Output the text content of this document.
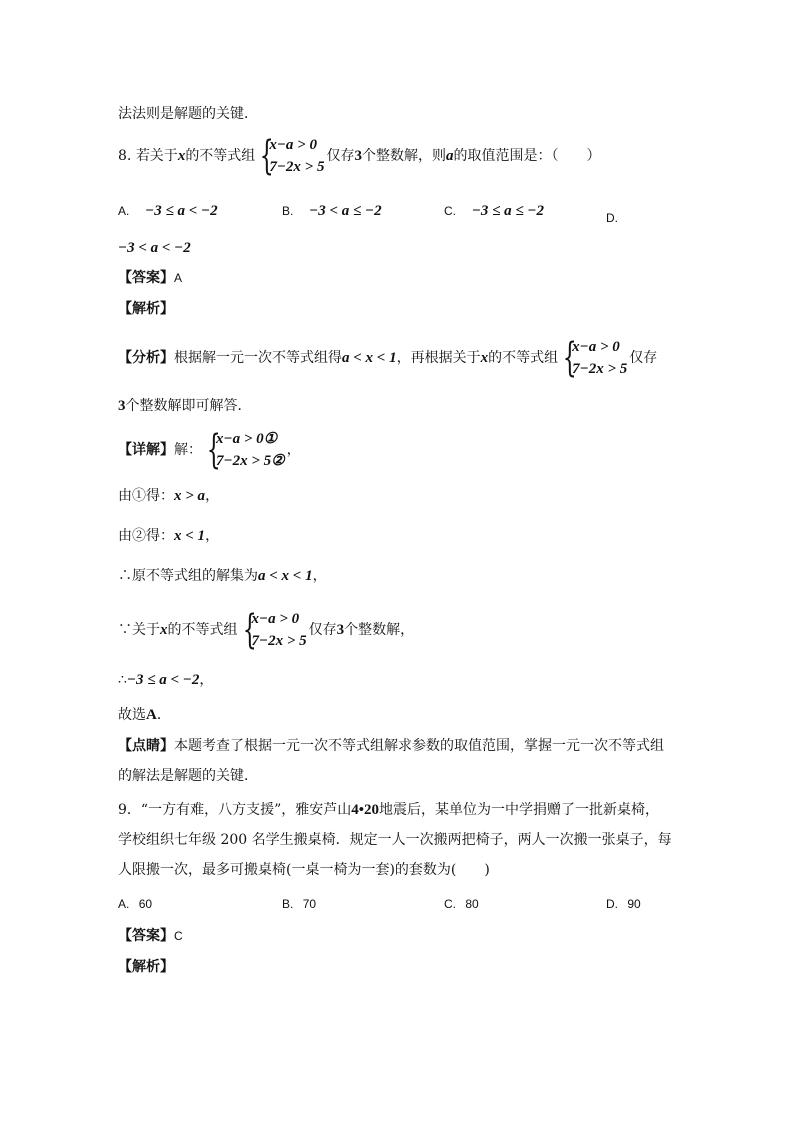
法法则是解题的关键．
8. 若关于x的不等式组 {
x−a > 0
7−2x > 5
仅存3个整数解，则a的取值范围是：（　　）
A. −3 ≤ a < −2	B. −3 < a ≤ −2	C. −3 ≤ a ≤ −2	D.
−3 < a < −2
【答案】A
【解析】
【分析】根据解一元一次不等式组得a < x < 1，再根据关于x的不等式组 {
x−a > 0
7−2x > 5
仅存
3个整数解即可解答．
【详解】解： {
x−a > 0①
7−2x > 5②
，
由①得：x > a，
由②得：x < 1，
∴原不等式组的解集为a < x < 1，
∵关于x的不等式组 {
x−a > 0
7−2x > 5
仅存3个整数解，
∴−3 ≤ a < −2，
故选A．
【点睛】本题考查了根据一元一次不等式组解求参数的取值范围，掌握一元一次不等式组
的解法是解题的关键．
9．“一方有难，八方支援”，雅安芦山4•20地震后，某单位为一中学捐赠了一批新桌椅，
学校组织七年级 200 名学生搬桌椅．规定一人一次搬两把椅子，两人一次搬一张桌子，每
人限搬一次，最多可搬桌椅(一桌一椅为一套)的套数为(　　)
A. 60	B. 70	C. 80	D. 90
【答案】C
【解析】
